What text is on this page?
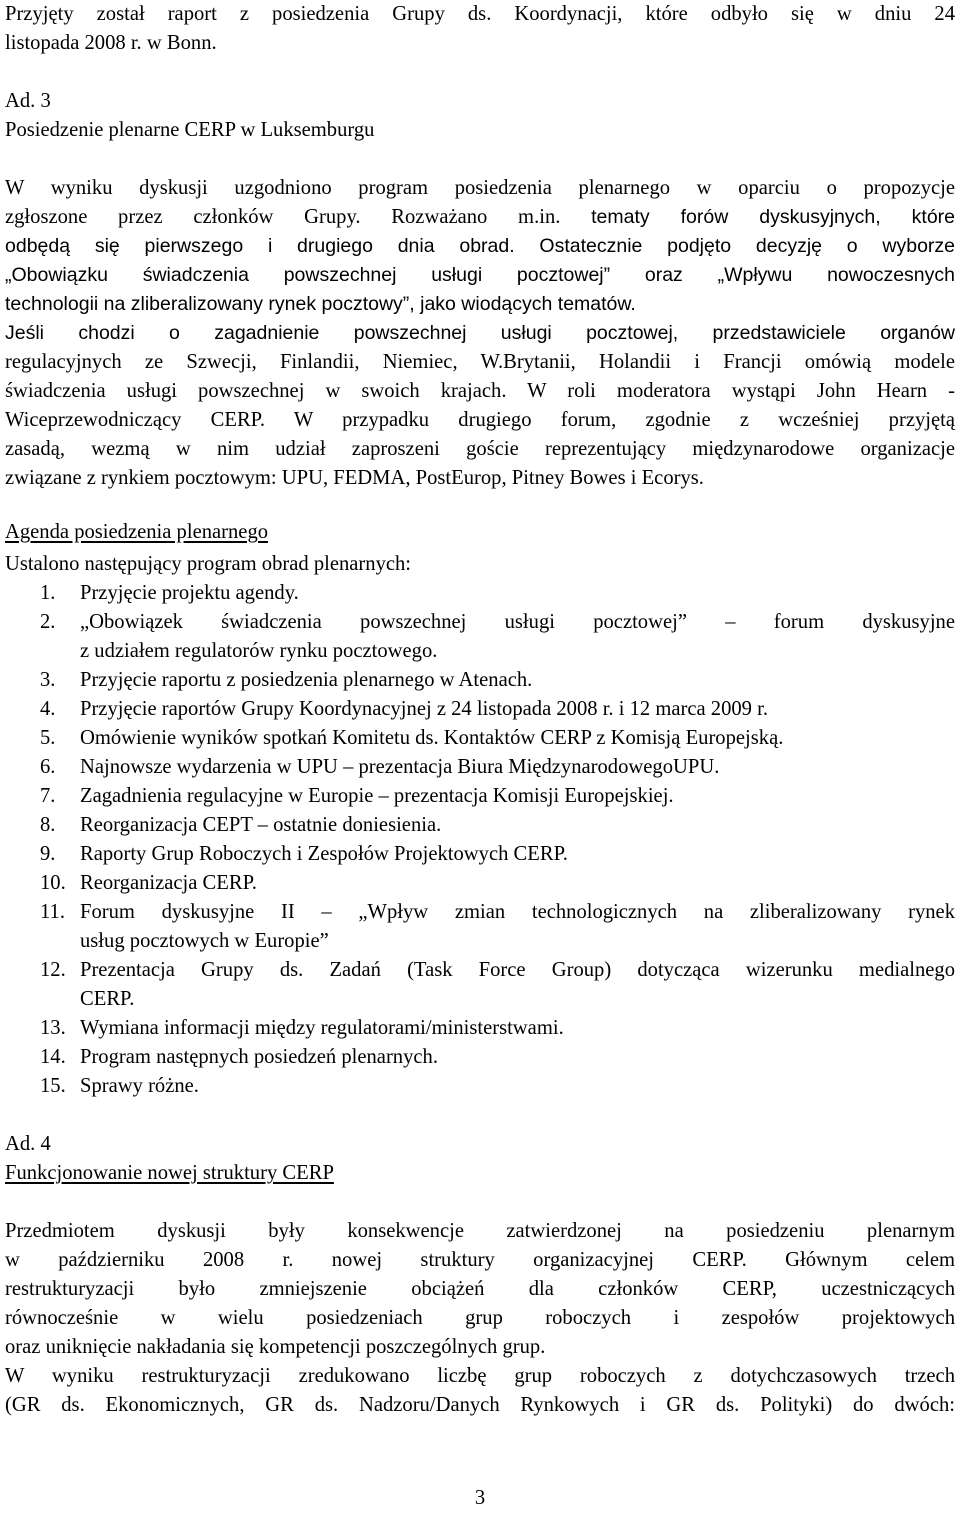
Przyjęty został raport z posiedzenia Grupy ds. Koordynacji, które odbyło się w dniu 24
listopada 2008 r. w Bonn.
Ad. 3
Posiedzenie plenarne CERP w Luksemburgu
W wyniku dyskusji uzgodniono program posiedzenia plenarnego w oparciu o propozycje
zgłoszone przez członków Grupy. Rozważano m.in. tematy forów dyskusyjnych, które
odbędą się pierwszego i drugiego dnia obrad. Ostatecznie podjęto decyzję o wyborze
„Obowiązku świadczenia powszechnej usługi pocztowej” oraz „Wpływu nowoczesnych
technologii na zliberalizowany rynek pocztowy”, jako wiodących tematów.
Jeśli chodzi o zagadnienie powszechnej usługi pocztowej, przedstawiciele organów
regulacyjnych ze Szwecji, Finlandii, Niemiec, W.Brytanii, Holandii i Francji omówią modele
świadczenia usługi powszechnej w swoich krajach. W roli moderatora wystąpi John Hearn -
Wiceprzewodniczący CERP. W przypadku drugiego forum, zgodnie z wcześniej przyjętą
zasadą, wezmą w nim udział zaproszeni goście reprezentujący międzynarodowe organizacje
związane z rynkiem pocztowym: UPU, FEDMA, PostEurop, Pitney Bowes i Ecorys.
Agenda posiedzenia plenarnego
Ustalono następujący program obrad plenarnych:
1. Przyjęcie projektu agendy.
2. „Obowiązek świadczenia powszechnej usługi pocztowej” – forum dyskusyjne
z udziałem regulatorów rynku pocztowego.
3. Przyjęcie raportu z posiedzenia plenarnego w Atenach.
4. Przyjęcie raportów Grupy Koordynacyjnej z 24 listopada 2008 r. i 12 marca 2009 r.
5. Omówienie wyników spotkań Komitetu ds. Kontaktów CERP z Komisją Europejską.
6. Najnowsze wydarzenia w UPU – prezentacja Biura MiędzynarodowegoUPU.
7. Zagadnienia regulacyjne w Europie – prezentacja Komisji Europejskiej.
8. Reorganizacja CEPT – ostatnie doniesienia.
9. Raporty Grup Roboczych i Zespołów Projektowych CERP.
10. Reorganizacja CERP.
11. Forum dyskusyjne II – „Wpływ zmian technologicznych na zliberalizowany rynek
usług pocztowych w Europie”
12. Prezentacja Grupy ds. Zadań (Task Force Group) dotycząca wizerunku medialnego
CERP.
13. Wymiana informacji między regulatorami/ministerstwami.
14. Program następnych posiedzeń plenarnych.
15. Sprawy różne.
Ad. 4
Funkcjonowanie nowej struktury CERP
Przedmiotem dyskusji były konsekwencje zatwierdzonej na posiedzeniu plenarnym
w październiku 2008 r. nowej struktury organizacyjnej CERP. Głównym celem
restrukturyzacji było zmniejszenie obciążeń dla członków CERP, uczestniczących
równocześnie w wielu posiedzeniach grup roboczych i zespołów projektowych
oraz uniknięcie nakładania się kompetencji poszczególnych grup.
W wyniku restrukturyzacji zredukowano liczbę grup roboczych z dotychczasowych trzech
(GR ds. Ekonomicznych, GR ds. Nadzoru/Danych Rynkowych i GR ds. Polityki) do dwóch:
3
